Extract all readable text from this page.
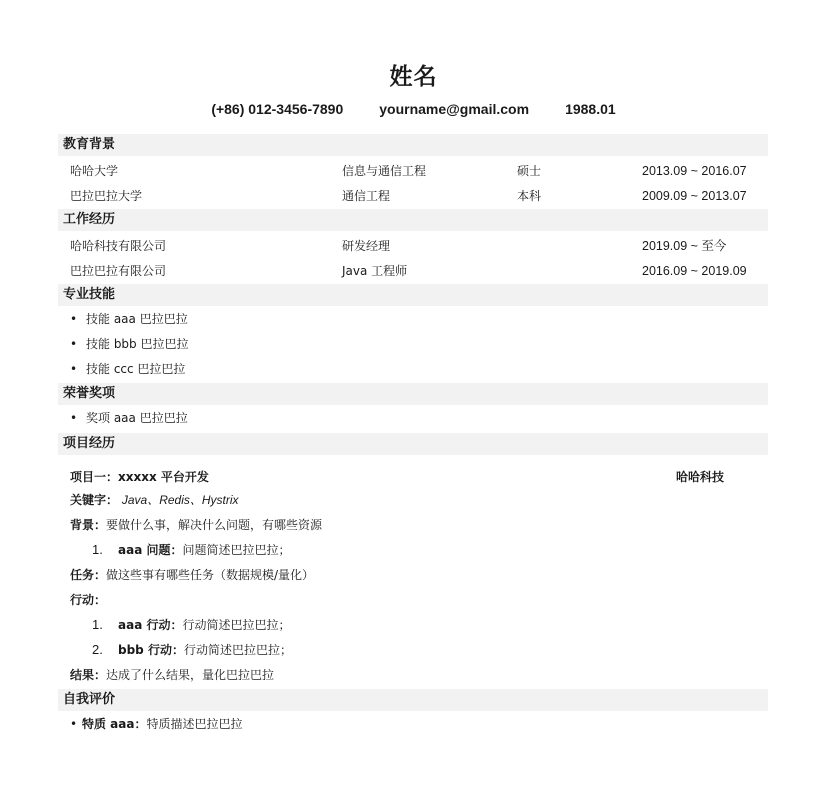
姓名
(+86) 012-3456-7890	yourname@gmail.com	1988.01
教育背景
哈哈大学	信息与通信工程	硕士	2013.09 ~ 2016.07
巴拉巴拉大学	通信工程	本科	2009.09 ~ 2013.07
工作经历
哈哈科技有限公司	研发经理	2019.09 ~ 至今
巴拉巴拉有限公司	Java 工程师	2016.09 ~ 2019.09
专业技能
• 技能 aaa 巴拉巴拉
• 技能 bbb 巴拉巴拉
• 技能 ccc 巴拉巴拉
荣誉奖项
• 奖项 aaa 巴拉巴拉
项目经历
项目一：xxxxx 平台开发	哈哈科技
关键字： Java、Redis、Hystrix
背景：要做什么事，解决什么问题，有哪些资源
1. aaa 问题：问题简述巴拉巴拉；
任务：做这些事有哪些任务（数据规模/量化）
行动：
1. aaa 行动：行动简述巴拉巴拉；
2. bbb 行动：行动简述巴拉巴拉；
结果：达成了什么结果，量化巴拉巴拉
自我评价
• 特质 aaa：特质描述巴拉巴拉
